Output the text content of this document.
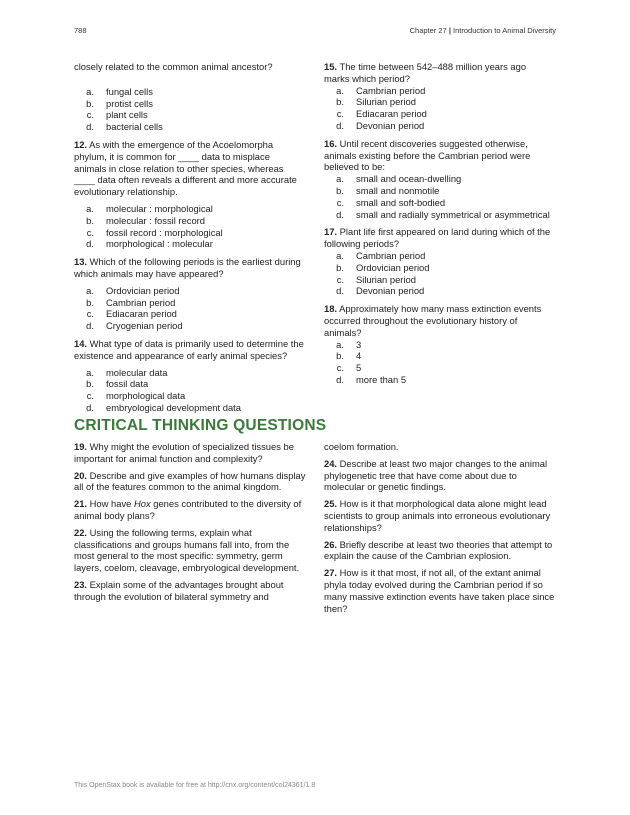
788	Chapter 27 | Introduction to Animal Diversity

closely related to the common animal ancestor?

a.	fungal cells
b.	protist cells
c.	plant cells
d.	bacterial cells

12. As with the emergence of the Acoelomorpha phylum, it is common for ____ data to misplace animals in close relation to other species, whereas ____ data often reveals a different and more accurate evolutionary relationship.

a.	molecular : morphological
b.	molecular : fossil record
c.	fossil record : morphological
d.	morphological : molecular

13. Which of the following periods is the earliest during which animals may have appeared?

a.	Ordovician period
b.	Cambrian period
c.	Ediacaran period
d.	Cryogenian period

14. What type of data is primarily used to determine the existence and appearance of early animal species?

a.	molecular data
b.	fossil data
c.	morphological data
d.	embryological development data

15. The time between 542–488 million years ago marks which period?

a.	Cambrian period
b.	Silurian period
c.	Ediacaran period
d.	Devonian period

16. Until recent discoveries suggested otherwise, animals existing before the Cambrian period were believed to be:

a.	small and ocean-dwelling
b.	small and nonmotile
c.	small and soft-bodied
d.	small and radially symmetrical or asymmetrical

17. Plant life first appeared on land during which of the following periods?

a.	Cambrian period
b.	Ordovician period
c.	Silurian period
d.	Devonian period

18. Approximately how many mass extinction events occurred throughout the evolutionary history of animals?

a.	3
b.	4
c.	5
d.	more than 5
CRITICAL THINKING QUESTIONS

19. Why might the evolution of specialized tissues be important for animal function and complexity?

20. Describe and give examples of how humans display all of the features common to the animal kingdom.

21. How have Hox genes contributed to the diversity of animal body plans?

22. Using the following terms, explain what classifications and groups humans fall into, from the most general to the most specific: symmetry, germ layers, coelom, cleavage, embryological development.

23. Explain some of the advantages brought about through the evolution of bilateral symmetry and

coelom formation.

24. Describe at least two major changes to the animal phylogenetic tree that have come about due to molecular or genetic findings.

25. How is it that morphological data alone might lead scientists to group animals into erroneous evolutionary relationships?

26. Briefly describe at least two theories that attempt to explain the cause of the Cambrian explosion.

27. How is it that most, if not all, of the extant animal phyla today evolved during the Cambrian period if so many massive extinction events have taken place since then?

This OpenStax book is available for free at http://cnx.org/content/col24361/1.8
